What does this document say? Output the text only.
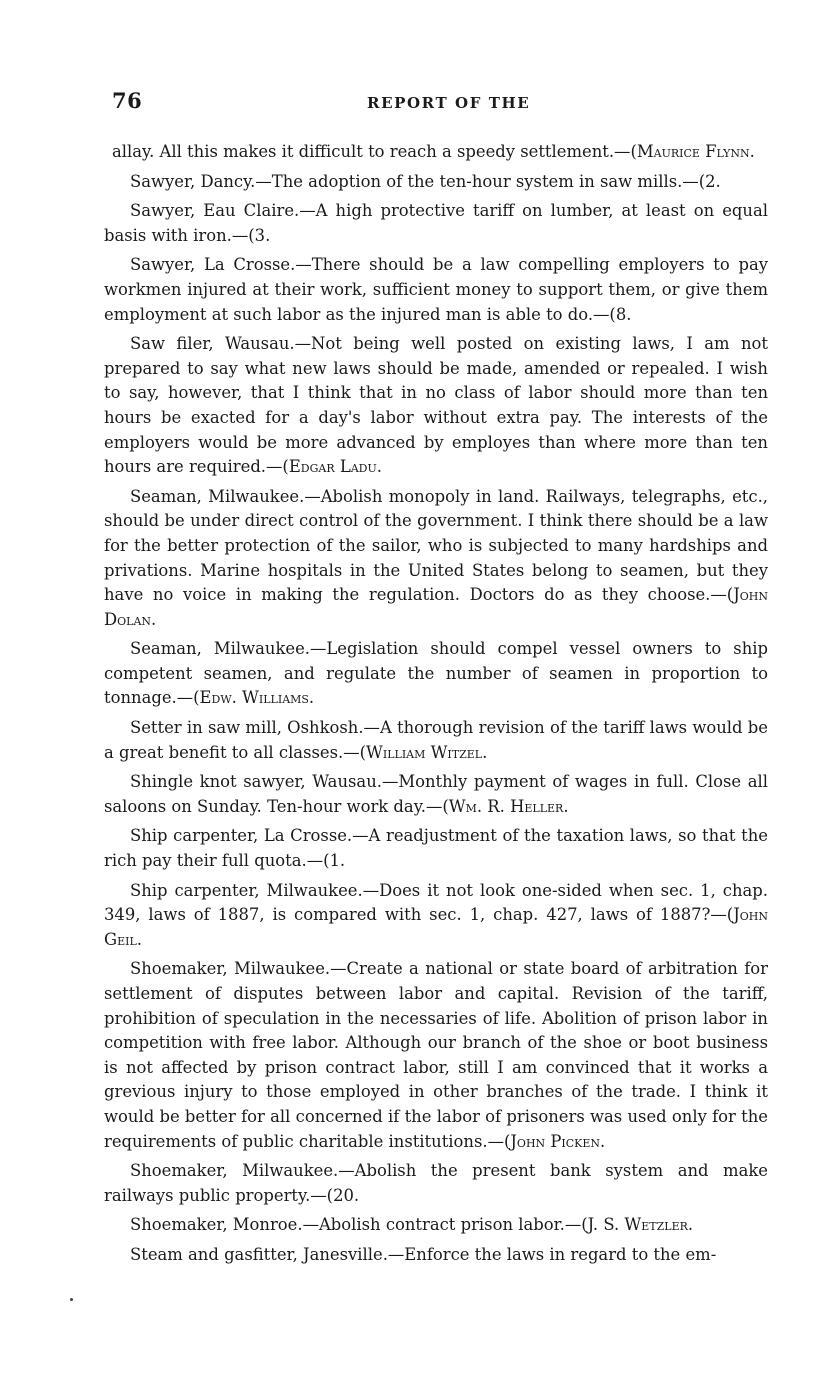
76	REPORT OF THE

allay. All this makes it difficult to reach a speedy settlement.—(Maurice Flynn.

Sawyer, Dancy.—The adoption of the ten-hour system in saw mills.—(2.

Sawyer, Eau Claire.—A high protective tariff on lumber, at least on equal basis with iron.—(3.

Sawyer, La Crosse.—There should be a law compelling employers to pay workmen injured at their work, sufficient money to support them, or give them employment at such labor as the injured man is able to do.—(8.

Saw filer, Wausau.—Not being well posted on existing laws, I am not prepared to say what new laws should be made, amended or repealed. I wish to say, however, that I think that in no class of labor should more than ten hours be exacted for a day's labor without extra pay. The interests of the employers would be more advanced by employes than where more than ten hours are required.—(Edgar Ladu.

Seaman, Milwaukee.—Abolish monopoly in land. Railways, telegraphs, etc., should be under direct control of the government. I think there should be a law for the better protection of the sailor, who is subjected to many hardships and privations. Marine hospitals in the United States belong to seamen, but they have no voice in making the regulation. Doctors do as they choose.—(John Dolan.

Seaman, Milwaukee.—Legislation should compel vessel owners to ship competent seamen, and regulate the number of seamen in proportion to tonnage.—(Edw. Williams.

Setter in saw mill, Oshkosh.—A thorough revision of the tariff laws would be a great benefit to all classes.—(William Witzel.

Shingle knot sawyer, Wausau.—Monthly payment of wages in full. Close all saloons on Sunday. Ten-hour work day.—(Wm. R. Heller.

Ship carpenter, La Crosse.—A readjustment of the taxation laws, so that the rich pay their full quota.—(1.

Ship carpenter, Milwaukee.—Does it not look one-sided when sec. 1, chap. 349, laws of 1887, is compared with sec. 1, chap. 427, laws of 1887?—(John Geil.

Shoemaker, Milwaukee.—Create a national or state board of arbitration for settlement of disputes between labor and capital. Revision of the tariff, prohibition of speculation in the necessaries of life. Abolition of prison labor in competition with free labor. Although our branch of the shoe or boot business is not affected by prison contract labor, still I am convinced that it works a grevious injury to those employed in other branches of the trade. I think it would be better for all concerned if the labor of prisoners was used only for the requirements of public charitable institutions.—(John Picken.

Shoemaker, Milwaukee.—Abolish the present bank system and make railways public property.—(20.

Shoemaker, Monroe.—Abolish contract prison labor.—(J. S. Wetzler.

Steam and gasfitter, Janesville.—Enforce the laws in regard to the em-
